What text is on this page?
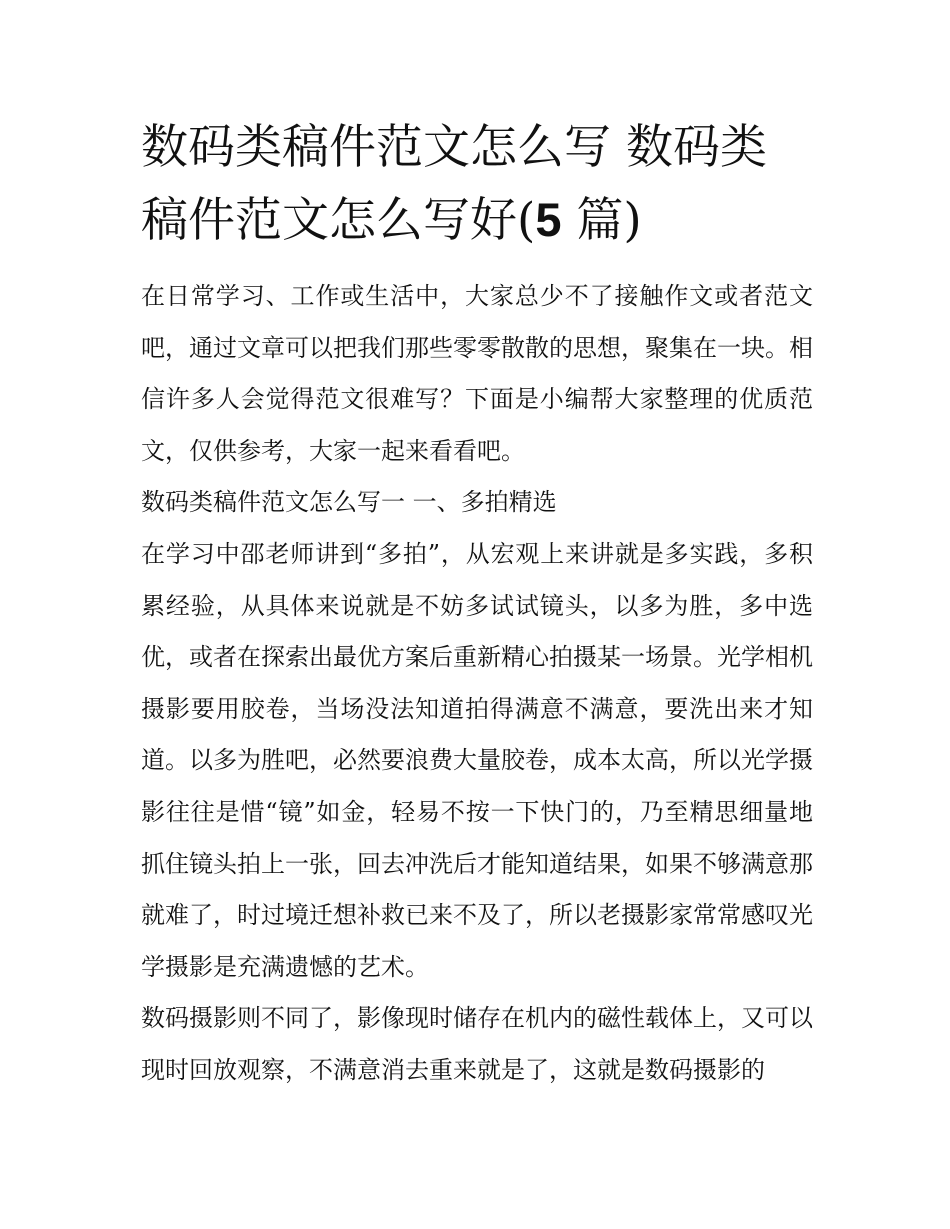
数码类稿件范文怎么写 数码类
稿件范文怎么写好(5 篇)

在日常学习、工作或生活中，大家总少不了接触作文或者范文吧，通过文章可以把我们那些零零散散的思想，聚集在一块。相信许多人会觉得范文很难写？下面是小编帮大家整理的优质范文，仅供参考，大家一起来看看吧。

数码类稿件范文怎么写一 一、多拍精选

在学习中邵老师讲到“多拍”，从宏观上来讲就是多实践，多积累经验，从具体来说就是不妨多试试镜头，以多为胜，多中选优，或者在探索出最优方案后重新精心拍摄某一场景。光学相机摄影要用胶卷，当场没法知道拍得满意不满意，要洗出来才知道。以多为胜吧，必然要浪费大量胶卷，成本太高，所以光学摄影往往是惜“镜”如金，轻易不按一下快门的，乃至精思细量地抓住镜头拍上一张，回去冲洗后才能知道结果，如果不够满意那就难了，时过境迁想补救已来不及了，所以老摄影家常常感叹光学摄影是充满遗憾的艺术。

数码摄影则不同了，影像现时储存在机内的磁性载体上，又可以现时回放观察，不满意消去重来就是了，这就是数码摄影的
